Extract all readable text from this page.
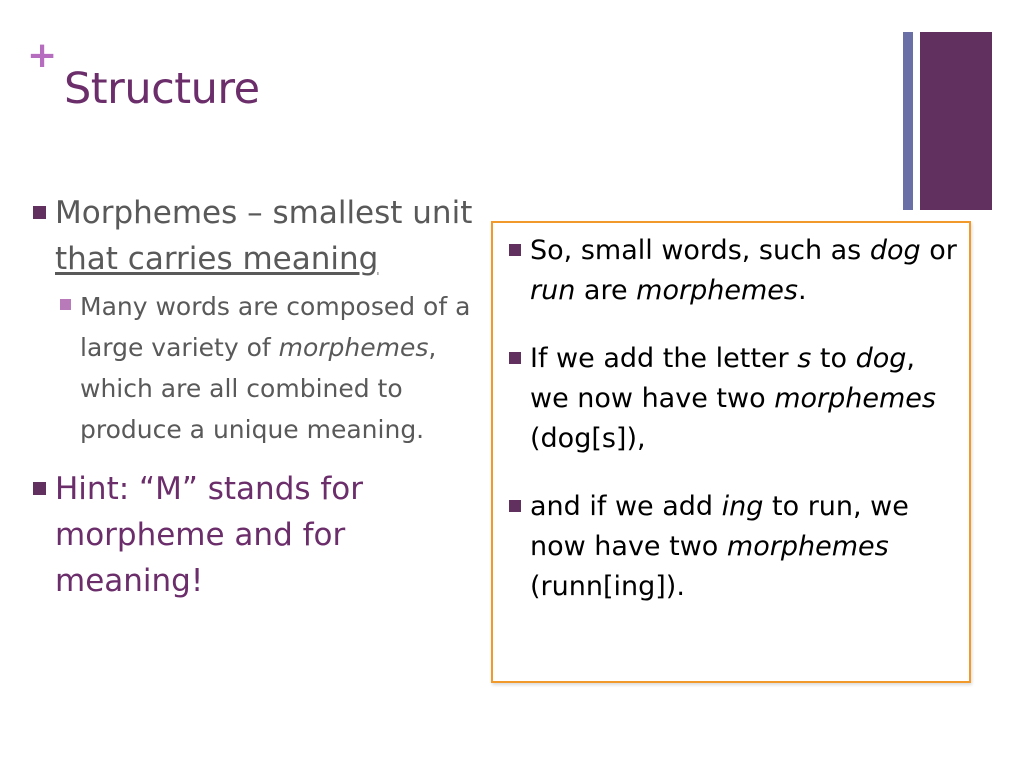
+
Structure
Morphemes – smallest unit that carries meaning
Many words are composed of a large variety of morphemes, which are all combined to produce a unique meaning.
Hint: “M” stands for morpheme and for meaning!
So, small words, such as dog or run are morphemes.
If we add the letter s to dog, we now have two morphemes (dog[s]),
and if we add ing to run, we now have two morphemes (runn[ing]).
